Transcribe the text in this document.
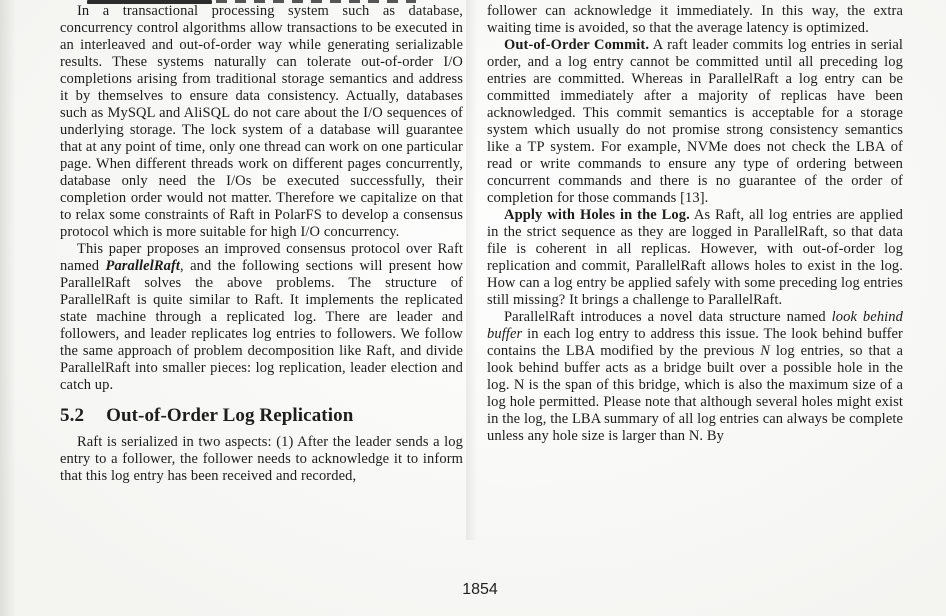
In a transactional processing system such as database, concurrency control algorithms allow transactions to be executed in an interleaved and out-of-order way while generating serializable results. These systems naturally can tolerate out-of-order I/O completions arising from traditional storage semantics and address it by themselves to ensure data consistency. Actually, databases such as MySQL and AliSQL do not care about the I/O sequences of underlying storage. The lock system of a database will guarantee that at any point of time, only one thread can work on one particular page. When different threads work on different pages concurrently, database only need the I/Os be executed successfully, their completion order would not matter. Therefore we capitalize on that to relax some constraints of Raft in PolarFS to develop a consensus protocol which is more suitable for high I/O concurrency.

This paper proposes an improved consensus protocol over Raft named ParallelRaft, and the following sections will present how ParallelRaft solves the above problems. The structure of ParallelRaft is quite similar to Raft. It implements the replicated state machine through a replicated log. There are leader and followers, and leader replicates log entries to followers. We follow the same approach of problem decomposition like Raft, and divide ParallelRaft into smaller pieces: log replication, leader election and catch up.

5.2 Out-of-Order Log Replication

Raft is serialized in two aspects: (1) After the leader sends a log entry to a follower, the follower needs to acknowledge it to inform that this log entry has been received and recorded,

follower can acknowledge it immediately. In this way, the extra waiting time is avoided, so that the average latency is optimized.

Out-of-Order Commit. A raft leader commits log entries in serial order, and a log entry cannot be committed until all preceding log entries are committed. Whereas in ParallelRaft a log entry can be committed immediately after a majority of replicas have been acknowledged. This commit semantics is acceptable for a storage system which usually do not promise strong consistency semantics like a TP system. For example, NVMe does not check the LBA of read or write commands to ensure any type of ordering between concurrent commands and there is no guarantee of the order of completion for those commands [13].

Apply with Holes in the Log. As Raft, all log entries are applied in the strict sequence as they are logged in ParallelRaft, so that data file is coherent in all replicas. However, with out-of-order log replication and commit, ParallelRaft allows holes to exist in the log. How can a log entry be applied safely with some preceding log entries still missing? It brings a challenge to ParallelRaft.

ParallelRaft introduces a novel data structure named look behind buffer in each log entry to address this issue. The look behind buffer contains the LBA modified by the previous N log entries, so that a look behind buffer acts as a bridge built over a possible hole in the log. N is the span of this bridge, which is also the maximum size of a log hole permitted. Please note that although several holes might exist in the log, the LBA summary of all log entries can always be complete unless any hole size is larger than N. By

1854
